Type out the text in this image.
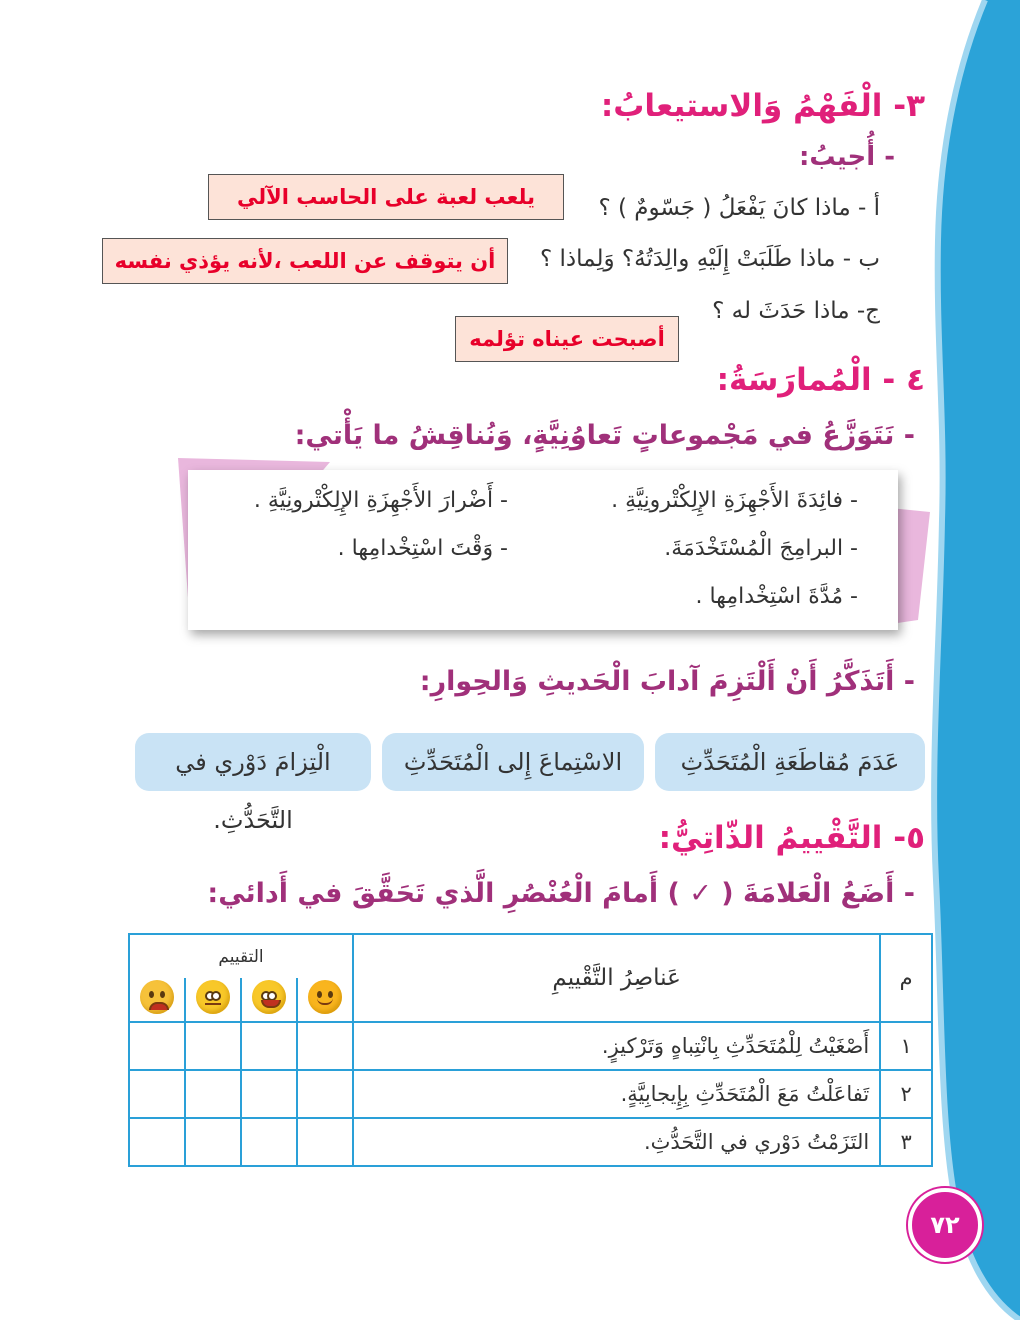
٣- الْفَهْمُ وَالاستيعابُ:
- أُجيبُ:
أ - ماذا كانَ يَفْعَلُ ( جَسّومٌ ) ؟
يلعب لعبة على الحاسب الآلي
ب - ماذا طَلَبَتْ إِلَيْهِ والِدَتُهُ؟ وَلِماذا ؟
أن يتوقف عن اللعب ،لأنه يؤذي نفسه
ج- ماذا حَدَثَ له ؟
أصبحت عيناه تؤلمه
٤ - الْمُمارَسَةُ:
- نَتَوَزَّعُ في مَجْموعاتٍ تَعاوُنِيَّةٍ، وَنُناقِشُ ما يَأْتي:
- فائِدَةَ الأَجْهِزَةِ الإِلِكْتْرونِيَّةِ .
- أَضْرارَ الأَجْهِزَةِ الإِلِكْتْرونِيَّةِ .
- البرامِجَ الْمُسْتَخْدَمَةَ.
- وَقْتَ اسْتِخْدامِها .
- مُدَّةَ اسْتِخْدامِها .
- أَتَذَكَّرُ أَنْ أَلْتَزِمَ آدابَ الْحَديثِ وَالحِوارِ:
عَدَمَ مُقاطَعَةِ الْمُتَحَدِّثِ
الاسْتِماعَ إِلى الْمُتَحَدِّثِ
الْتِزامَ دَوْري في التَّحَدُّثِ.	٥- التَّقْييمُ الذّاتِيُّ:
- أَضَعُ الْعَلامَةَ ( ✓ ) أَمامَ الْعُنْصُرِ الَّذي تَحَقَّقَ في أَدائي:
م	عَناصِرُ التَّقْييمِ	التقييم			

١	أَصْغَيْتُ لِلْمُتَحَدِّثِ بِانْتِباهٍ وَتَرْكيزٍ.				
٢	تَفاعَلْتُ مَعَ الْمُتَحَدِّثِ بِإِيجابِيَّةٍ.				
٣	التَزَمْتُ دَوْري في التَّحَدُّثِ.				
٧٢
